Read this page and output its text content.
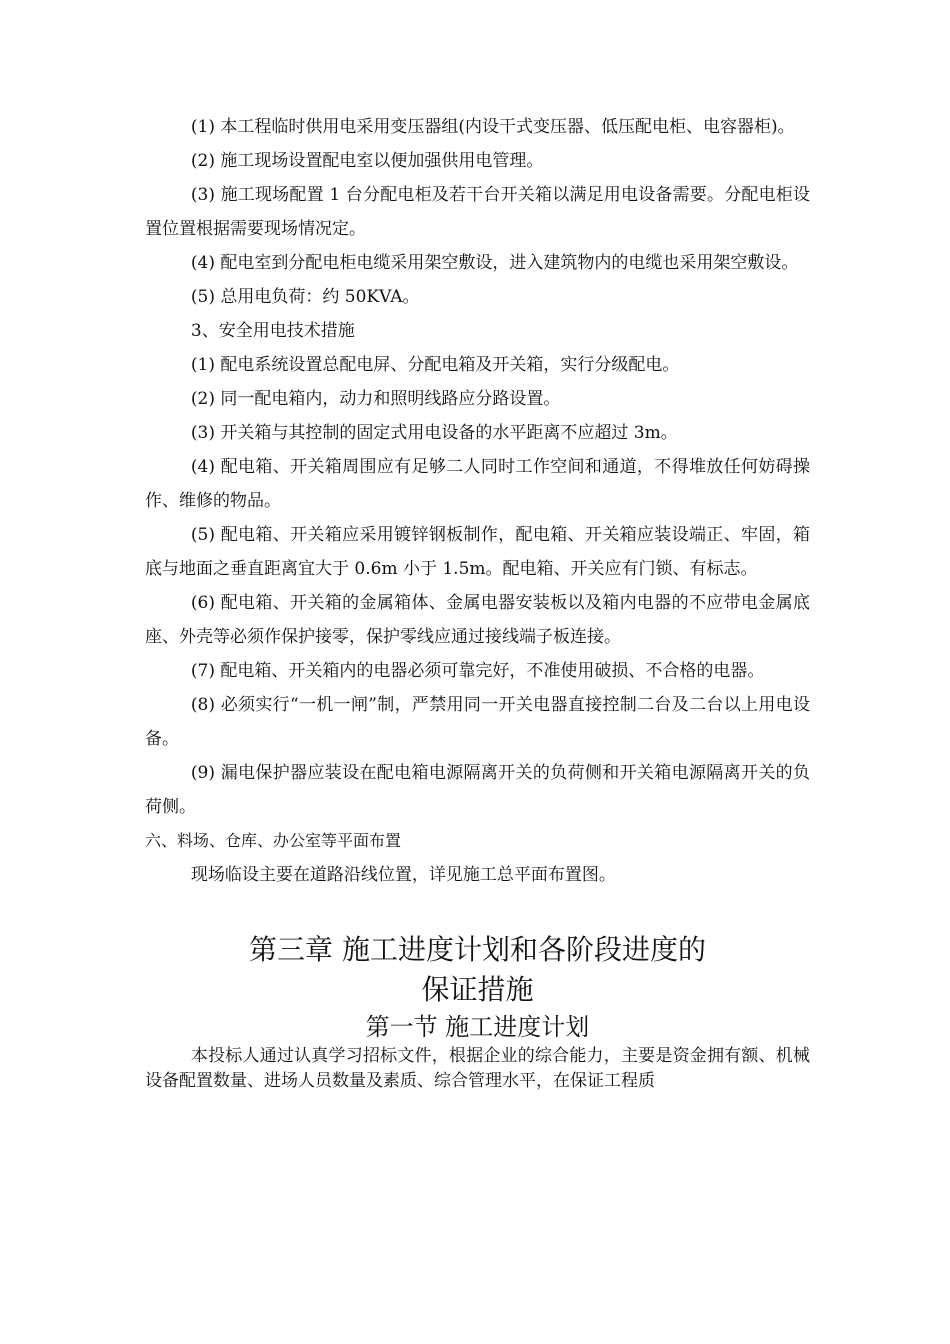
(1) 本工程临时供用电采用变压器组(内设干式变压器、低压配电柜、电容器柜)。

(2) 施工现场设置配电室以便加强供用电管理。

(3) 施工现场配置 1 台分配电柜及若干台开关箱以满足用电设备需要。分配电柜设置位置根据需要现场情况定。

(4) 配电室到分配电柜电缆采用架空敷设，进入建筑物内的电缆也采用架空敷设。

(5) 总用电负荷：约 50KVA。

3、安全用电技术措施

(1) 配电系统设置总配电屏、分配电箱及开关箱，实行分级配电。

(2) 同一配电箱内，动力和照明线路应分路设置。

(3) 开关箱与其控制的固定式用电设备的水平距离不应超过 3m。

(4) 配电箱、开关箱周围应有足够二人同时工作空间和通道，不得堆放任何妨碍操作、维修的物品。

(5) 配电箱、开关箱应采用镀锌钢板制作，配电箱、开关箱应装设端正、牢固，箱底与地面之垂直距离宜大于 0.6m 小于 1.5m。配电箱、开关应有门锁、有标志。

(6) 配电箱、开关箱的金属箱体、金属电器安装板以及箱内电器的不应带电金属底座、外壳等必须作保护接零，保护零线应通过接线端子板连接。

(7) 配电箱、开关箱内的电器必须可靠完好，不准使用破损、不合格的电器。

(8) 必须实行“一机一闸”制，严禁用同一开关电器直接控制二台及二台以上用电设备。

(9) 漏电保护器应装设在配电箱电源隔离开关的负荷侧和开关箱电源隔离开关的负荷侧。

六、料场、仓库、办公室等平面布置

现场临设主要在道路沿线位置，详见施工总平面布置图。

第三章 施工进度计划和各阶段进度的
保证措施
第一节 施工进度计划

本投标人通过认真学习招标文件，根据企业的综合能力，主要是资金拥有额、机械设备配置数量、进场人员数量及素质、综合管理水平，在保证工程质
